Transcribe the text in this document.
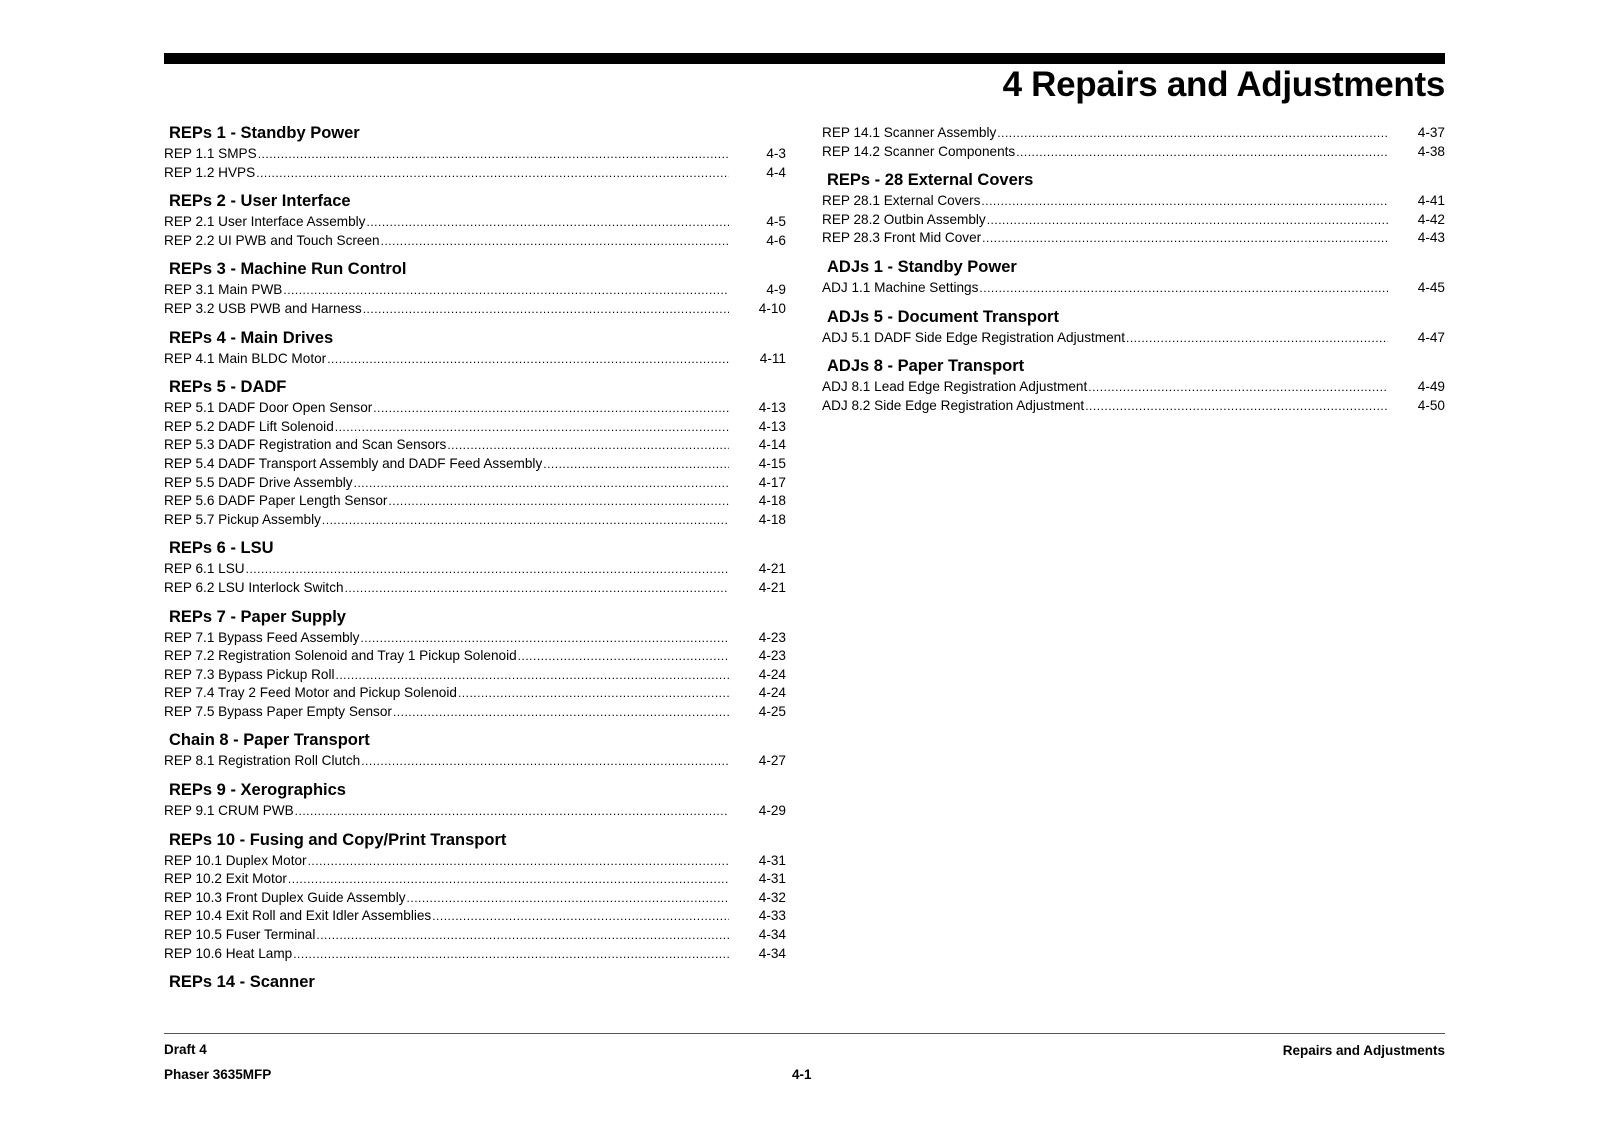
4 Repairs and Adjustments
REPs 1 - Standby Power
REP 1.1 SMPS .....	4-3
REP 1.2 HVPS .....	4-4
REPs 2 - User Interface
REP 2.1 User Interface Assembly .....	4-5
REP 2.2 UI PWB and Touch Screen .....	4-6
REPs 3 - Machine Run Control
REP 3.1 Main PWB .....	4-9
REP 3.2 USB PWB and Harness .....	4-10
REPs 4 - Main Drives
REP 4.1 Main BLDC Motor .....	4-11
REPs 5 - DADF
REP 5.1 DADF Door Open Sensor .....	4-13
REP 5.2 DADF Lift Solenoid .....	4-13
REP 5.3 DADF Registration and Scan Sensors .....	4-14
REP 5.4 DADF Transport Assembly and DADF Feed Assembly .....	4-15
REP 5.5 DADF Drive Assembly .....	4-17
REP 5.6 DADF Paper Length Sensor .....	4-18
REP 5.7 Pickup Assembly .....	4-18
REPs 6 - LSU
REP 6.1 LSU .....	4-21
REP 6.2 LSU Interlock Switch .....	4-21
REPs 7 - Paper Supply
REP 7.1 Bypass Feed Assembly .....	4-23
REP 7.2 Registration Solenoid and Tray 1 Pickup Solenoid .....	4-23
REP 7.3 Bypass Pickup Roll .....	4-24
REP 7.4 Tray 2 Feed Motor and Pickup Solenoid .....	4-24
REP 7.5 Bypass Paper Empty Sensor .....	4-25
Chain 8 - Paper Transport
REP 8.1 Registration Roll Clutch .....	4-27
REPs 9 - Xerographics
REP 9.1 CRUM PWB .....	4-29
REPs 10 - Fusing and Copy/Print Transport
REP 10.1 Duplex Motor .....	4-31
REP 10.2 Exit Motor .....	4-31
REP 10.3 Front Duplex Guide Assembly .....	4-32
REP 10.4 Exit Roll and Exit Idler Assemblies .....	4-33
REP 10.5 Fuser Terminal .....	4-34
REP 10.6 Heat Lamp .....	4-34
REPs 14 - Scanner
REP 14.1 Scanner Assembly .....	4-37
REP 14.2 Scanner Components .....	4-38
REPs - 28 External Covers
REP 28.1 External Covers .....	4-41
REP 28.2 Outbin Assembly .....	4-42
REP 28.3 Front Mid Cover .....	4-43
ADJs 1 - Standby Power
ADJ 1.1 Machine Settings .....	4-45
ADJs 5 - Document Transport
ADJ 5.1 DADF Side Edge Registration Adjustment .....	4-47
ADJs 8 - Paper Transport
ADJ 8.1 Lead Edge Registration Adjustment .....	4-49
ADJ 8.2 Side Edge Registration Adjustment .....	4-50
Draft 4
Phaser 3635MFP	4-1
Repairs and Adjustments
